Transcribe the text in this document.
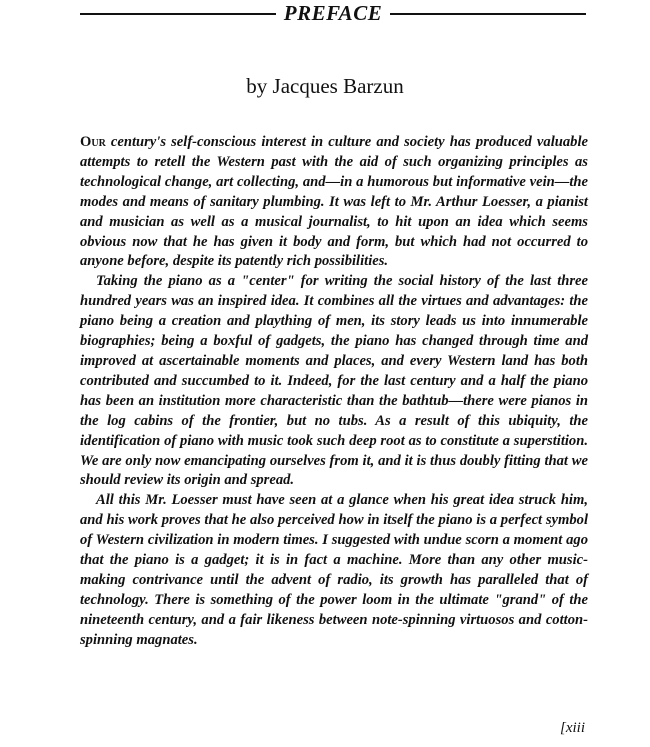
PREFACE
by Jacques Barzun

Our century's self-conscious interest in culture and society has produced valuable attempts to retell the Western past with the aid of such organizing principles as technological change, art collecting, and—in a humorous but informative vein—the modes and means of sanitary plumbing. It was left to Mr. Arthur Loesser, a pianist and musician as well as a musical journalist, to hit upon an idea which seems obvious now that he has given it body and form, but which had not occurred to anyone before, despite its patently rich possibilities.

Taking the piano as a "center" for writing the social history of the last three hundred years was an inspired idea. It combines all the virtues and advantages: the piano being a creation and plaything of men, its story leads us into innumerable biographies; being a boxful of gadgets, the piano has changed through time and improved at ascertainable moments and places, and every Western land has both contributed and succumbed to it. Indeed, for the last century and a half the piano has been an institution more characteristic than the bathtub—there were pianos in the log cabins of the frontier, but no tubs. As a result of this ubiquity, the identification of piano with music took such deep root as to constitute a superstition. We are only now emancipating ourselves from it, and it is thus doubly fitting that we should review its origin and spread.

All this Mr. Loesser must have seen at a glance when his great idea struck him, and his work proves that he also perceived how in itself the piano is a perfect symbol of Western civilization in modern times. I suggested with undue scorn a moment ago that the piano is a gadget; it is in fact a machine. More than any other music-making contrivance until the advent of radio, its growth has paralleled that of technology. There is something of the power loom in the ultimate "grand" of the nineteenth century, and a fair likeness between note-spinning virtuosos and cotton-spinning magnates.

[xiii
